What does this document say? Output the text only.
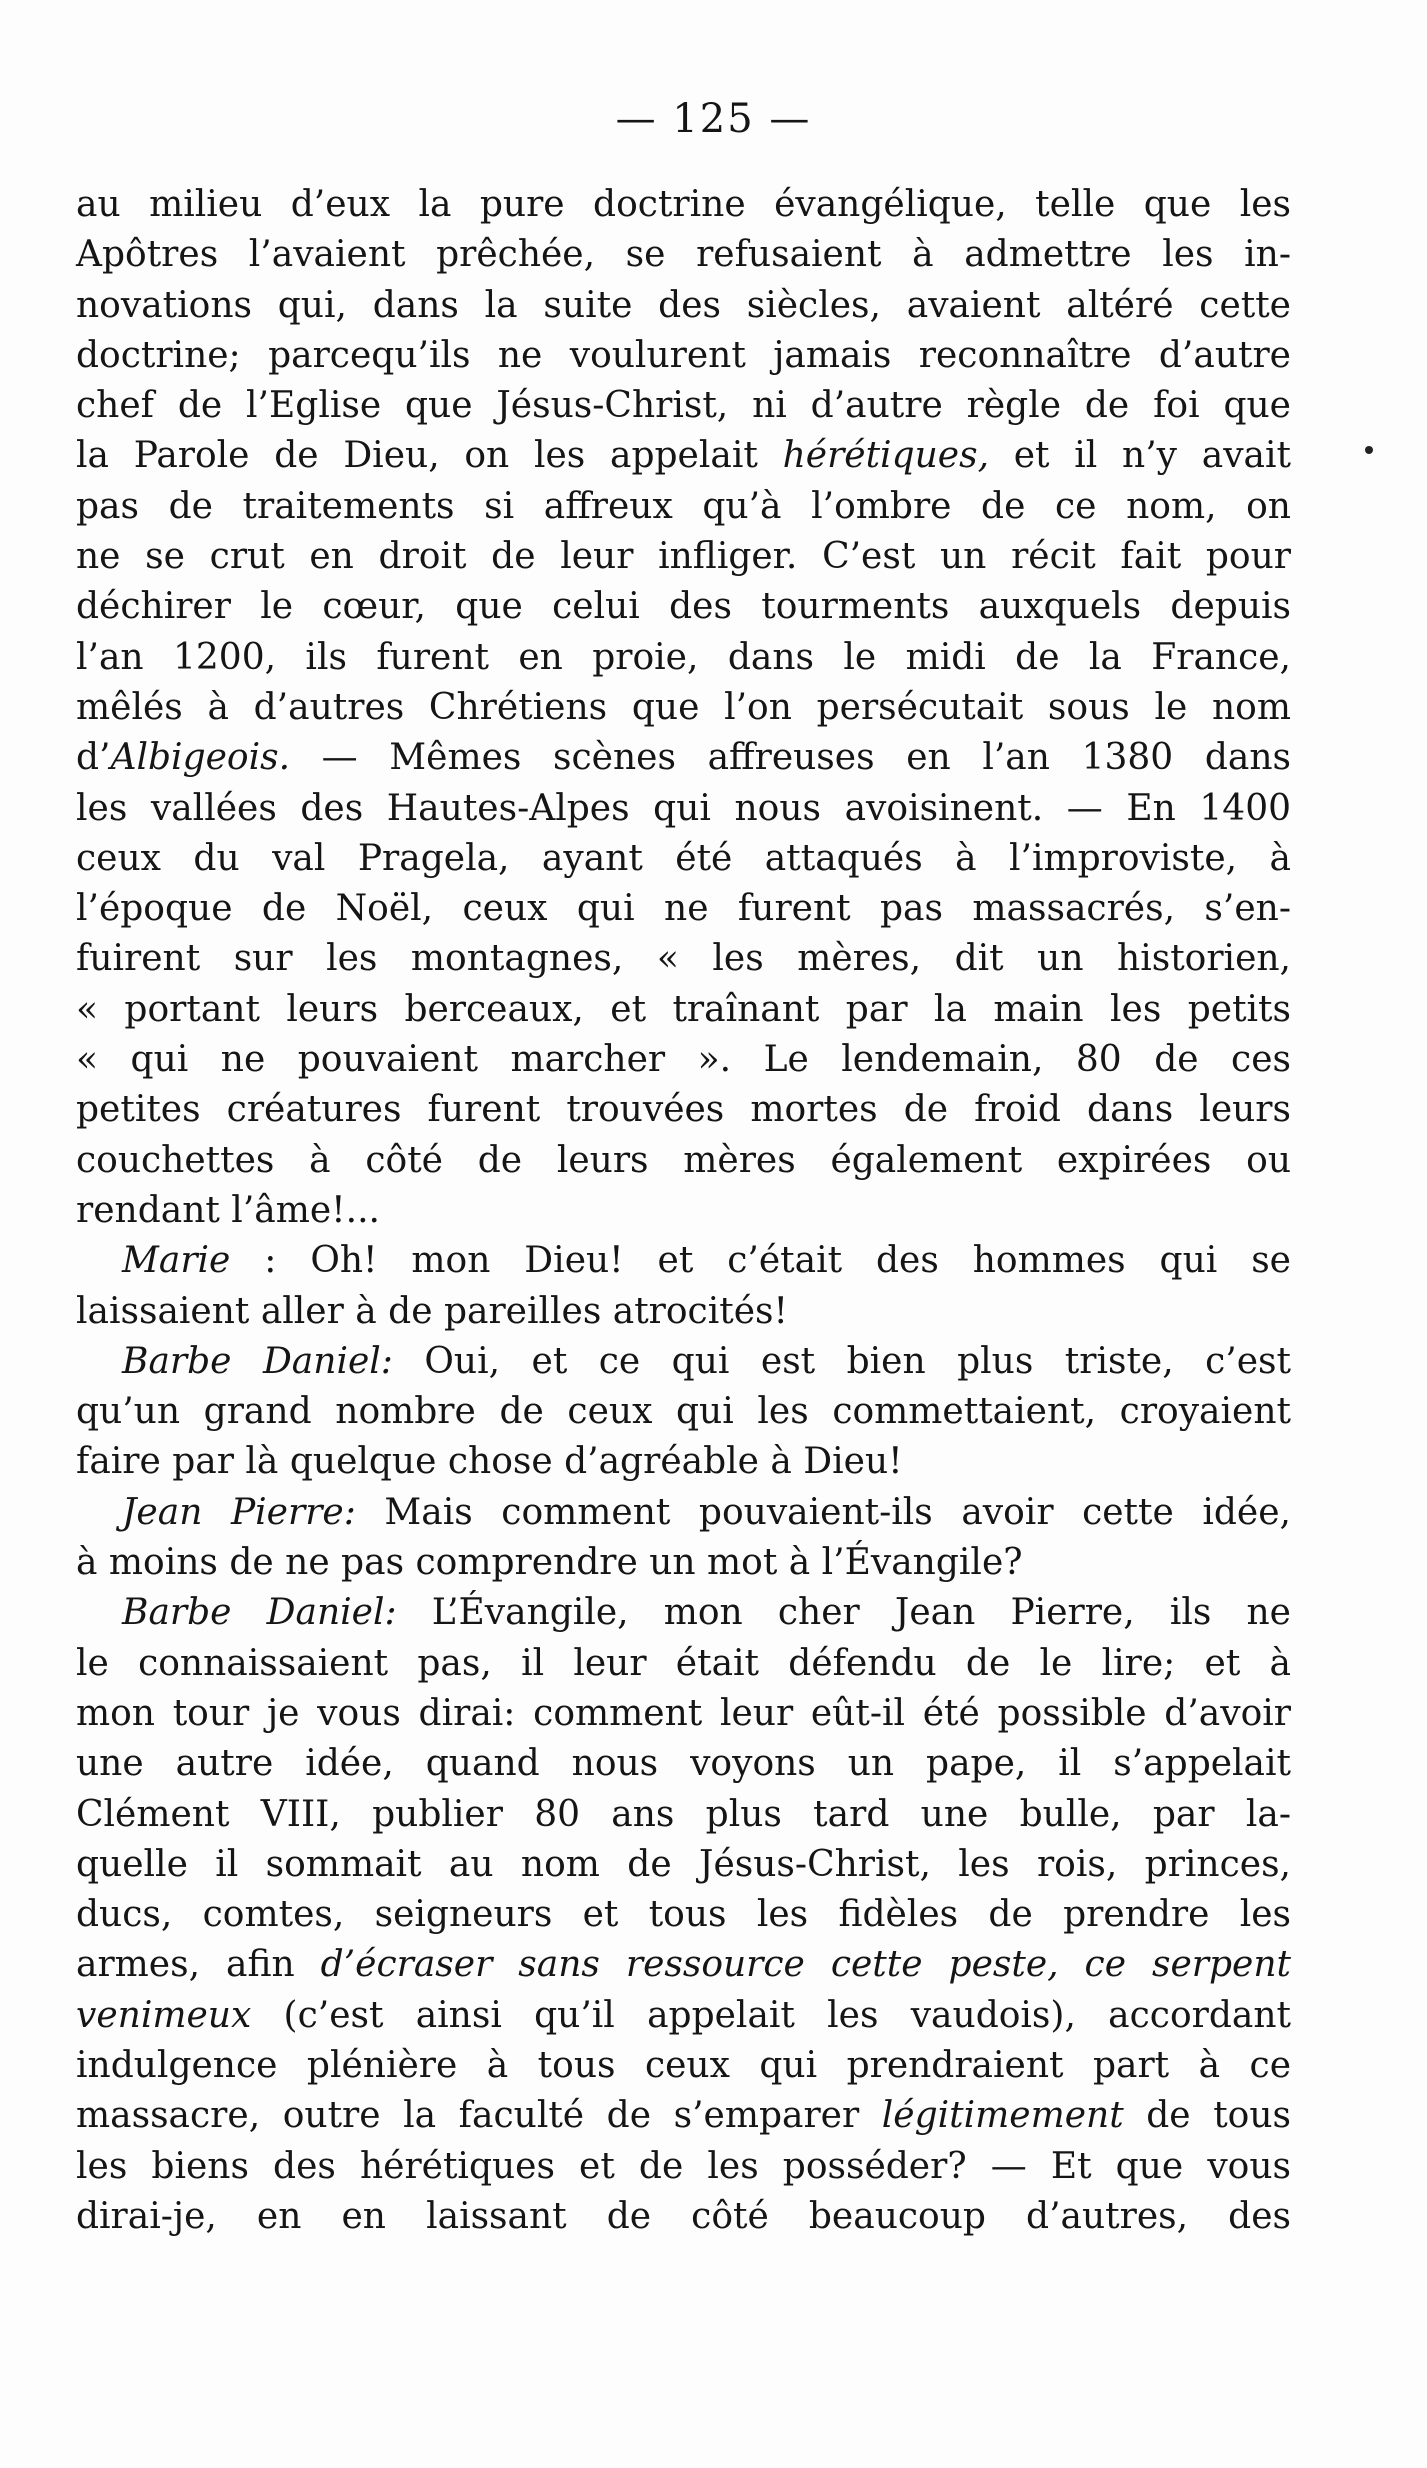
— 125 —
au milieu d’eux la pure doctrine évangélique, telle que les
Apôtres l’avaient prêchée, se refusaient à admettre les in-
novations qui, dans la suite des siècles, avaient altéré cette
doctrine; parcequ’ils ne voulurent jamais reconnaître d’autre
chef de l’Eglise que Jésus-Christ, ni d’autre règle de foi que
la Parole de Dieu, on les appelait hérétiques, et il n’y avait
pas de traitements si affreux qu’à l’ombre de ce nom, on
ne se crut en droit de leur infliger. C’est un récit fait pour
déchirer le cœur, que celui des tourments auxquels depuis
l’an 1200, ils furent en proie, dans le midi de la France,
mêlés à d’autres Chrétiens que l’on persécutait sous le nom
d’Albigeois. — Mêmes scènes affreuses en l’an 1380 dans
les vallées des Hautes-Alpes qui nous avoisinent. — En 1400
ceux du val Pragela, ayant été attaqués à l’improviste, à
l’époque de Noël, ceux qui ne furent pas massacrés, s’en-
fuirent sur les montagnes, « les mères, dit un historien,
« portant leurs berceaux, et traînant par la main les petits
« qui ne pouvaient marcher ». Le lendemain, 80 de ces
petites créatures furent trouvées mortes de froid dans leurs
couchettes à côté de leurs mères également expirées ou
rendant l’âme!...
Marie : Oh! mon Dieu! et c’était des hommes qui se
laissaient aller à de pareilles atrocités!
Barbe Daniel: Oui, et ce qui est bien plus triste, c’est
qu’un grand nombre de ceux qui les commettaient, croyaient
faire par là quelque chose d’agréable à Dieu!
Jean Pierre: Mais comment pouvaient-ils avoir cette idée,
à moins de ne pas comprendre un mot à l’Évangile?
Barbe Daniel: L’Évangile, mon cher Jean Pierre, ils ne
le connaissaient pas, il leur était défendu de le lire; et à
mon tour je vous dirai: comment leur eût-il été possible d’avoir
une autre idée, quand nous voyons un pape, il s’appelait
Clément VIII, publier 80 ans plus tard une bulle, par la-
quelle il sommait au nom de Jésus-Christ, les rois, princes,
ducs, comtes, seigneurs et tous les fidèles de prendre les
armes, afin d’écraser sans ressource cette peste, ce serpent
venimeux (c’est ainsi qu’il appelait les vaudois), accordant
indulgence plénière à tous ceux qui prendraient part à ce
massacre, outre la faculté de s’emparer légitimement de tous
les biens des hérétiques et de les posséder? — Et que vous
dirai-je, en en laissant de côté beaucoup d’autres, des
